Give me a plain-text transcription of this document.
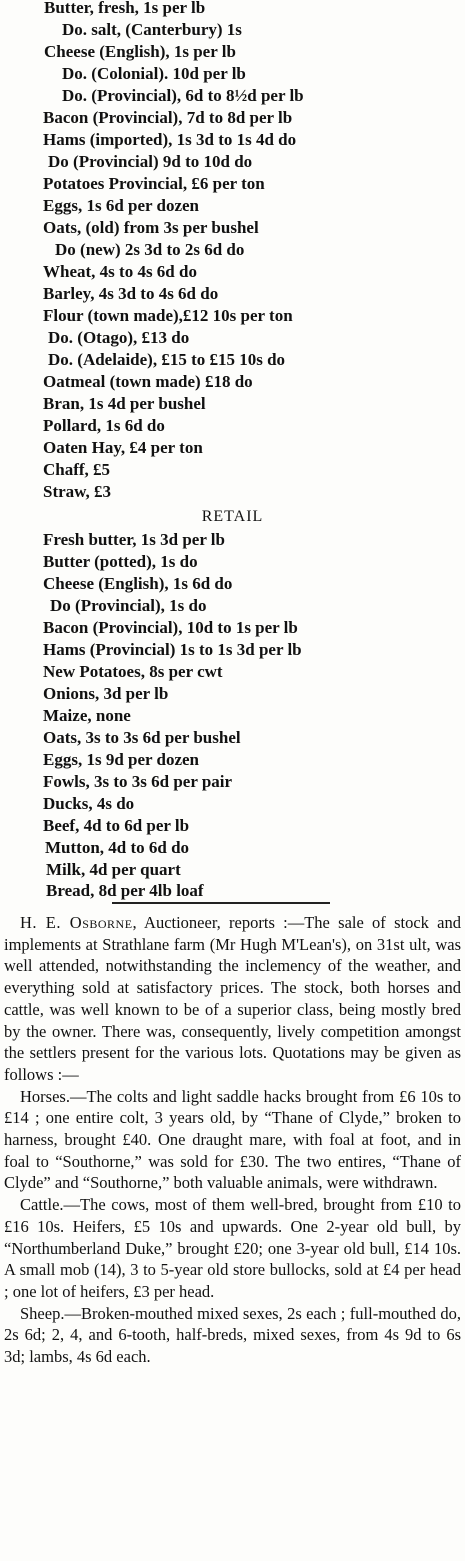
Butter, fresh, 1s per lb
Do. salt, (Canterbury) 1s
Cheese (English), 1s per lb
Do. (Colonial). 10d per lb
Do. (Provincial), 6d to 8½d per lb
Bacon (Provincial), 7d to 8d per lb
Hams (imported), 1s 3d to 1s 4d do
Do (Provincial) 9d to 10d do
Potatoes Provincial, £6 per ton
Eggs, 1s 6d per dozen
Oats, (old) from 3s per bushel
Do (new) 2s 3d to 2s 6d do
Wheat, 4s to 4s 6d do
Barley, 4s 3d to 4s 6d do
Flour (town made),£12 10s per ton
Do. (Otago), £13 do
Do. (Adelaide), £15 to £15 10s do
Oatmeal (town made) £18 do
Bran, 1s 4d per bushel
Pollard, 1s 6d do
Oaten Hay, £4 per ton
Chaff, £5
Straw, £3
RETAIL
Fresh butter, 1s 3d per lb
Butter (potted), 1s do
Cheese (English), 1s 6d do
Do (Provincial), 1s do
Bacon (Provincial), 10d to 1s per lb
Hams (Provincial) 1s to 1s 3d per lb
New Potatoes, 8s per cwt
Onions, 3d per lb
Maize, none
Oats, 3s to 3s 6d per bushel
Eggs, 1s 9d per dozen
Fowls, 3s to 3s 6d per pair
Ducks, 4s do
Beef, 4d to 6d per lb
Mutton, 4d to 6d do
Milk, 4d per quart
Bread, 8d per 4lb loaf

H. E. Osborne, Auctioneer, reports :—The sale of stock and implements at Strathlane farm (Mr Hugh M'Lean's), on 31st ult, was well attended, notwithstanding the inclemency of the weather, and everything sold at satisfactory prices. The stock, both horses and cattle, was well known to be of a superior class, being mostly bred by the owner. There was, consequently, lively competition amongst the settlers present for the various lots. Quotations may be given as follows :—

Horses.—The colts and light saddle hacks brought from £6 10s to £14 ; one entire colt, 3 years old, by “Thane of Clyde,” broken to harness, brought £40. One draught mare, with foal at foot, and in foal to “Southorne,” was sold for £30. The two entires, “Thane of Clyde” and “Southorne,” both valuable animals, were withdrawn.

Cattle.—The cows, most of them well-bred, brought from £10 to £16 10s. Heifers, £5 10s and upwards. One 2-year old bull, by “Northumberland Duke,” brought £20; one 3-year old bull, £14 10s. A small mob (14), 3 to 5-year old store bullocks, sold at £4 per head ; one lot of heifers, £3 per head.

Sheep.—Broken-mouthed mixed sexes, 2s each ; full-mouthed do, 2s 6d; 2, 4, and 6-tooth, half-breds, mixed sexes, from 4s 9d to 6s 3d; lambs, 4s 6d each.
